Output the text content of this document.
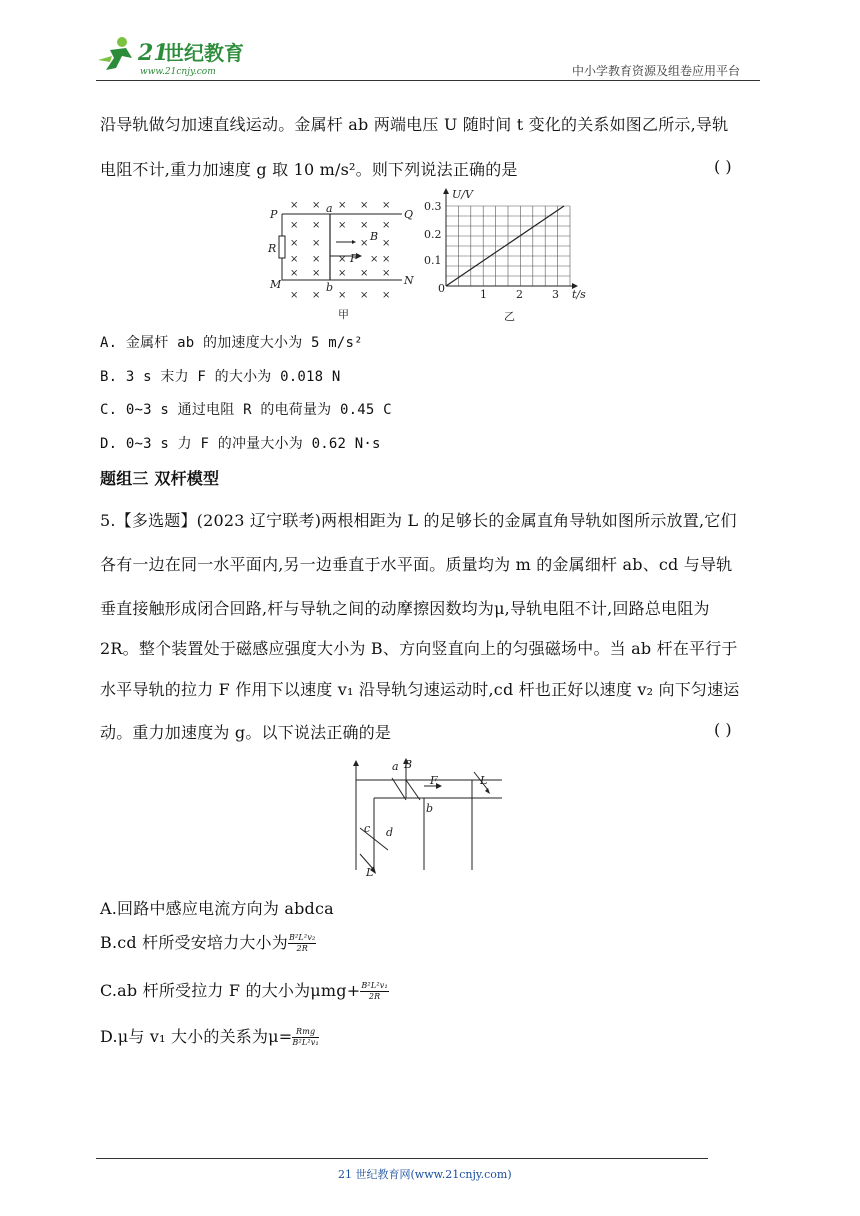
21
世纪教育
www.21cnjy.com	中小学教育资源及组卷应用平台
沿导轨做匀加速直线运动。金属杆 ab 两端电压 U 随时间 t 变化的关系如图乙所示,导轨
电阻不计,重力加速度 g 取 10 m/s²。则下列说法正确的是	( )
× × × × ×
× × × × ×
× ×	× ×
× × × × ×
× × × × ×
× × × × ×
P	Q
R
M	N
a
b
B
F
甲
U/V
0.3
0.2
0.1
0	1	2	3 t/s
乙
A. 金属杆 ab 的加速度大小为 5 m/s²
B. 3 s 末力 F 的大小为 0.018 N
C. 0~3 s 通过电阻 R 的电荷量为 0.45 C
D. 0~3 s 力 F 的冲量大小为 0.62 N·s
题组三 双杆模型
5.【多选题】(2023 辽宁联考)两根相距为 L 的足够长的金属直角导轨如图所示放置,它们
各有一边在同一水平面内,另一边垂直于水平面。质量均为 m 的金属细杆 ab、cd 与导轨
垂直接触形成闭合回路,杆与导轨之间的动摩擦因数均为μ,导轨电阻不计,回路总电阻为
2R。整个装置处于磁感应强度大小为 B、方向竖直向上的匀强磁场中。当 ab 杆在平行于
水平导轨的拉力 F 作用下以速度 v₁ 沿导轨匀速运动时,cd 杆也正好以速度 v₂ 向下匀速运
动。重力加速度为 g。以下说法正确的是	( )
a B
F
b
c d
L
L
A.回路中感应电流方向为 abdca
B.cd 杆所受安培力大小为 $\frac{\text{B²L²v₂}}{2R}$
C.ab 杆所受拉力 F 的大小为$\mu mg+ \frac{\text{B²L²v₁}}{2R}$
D.μ与 v₁ 大小的关系为$\mu= \frac{\text{Rmg}}{\text{B²L²v₁}}$
21 世纪教育网(www.21cnjy.com)
